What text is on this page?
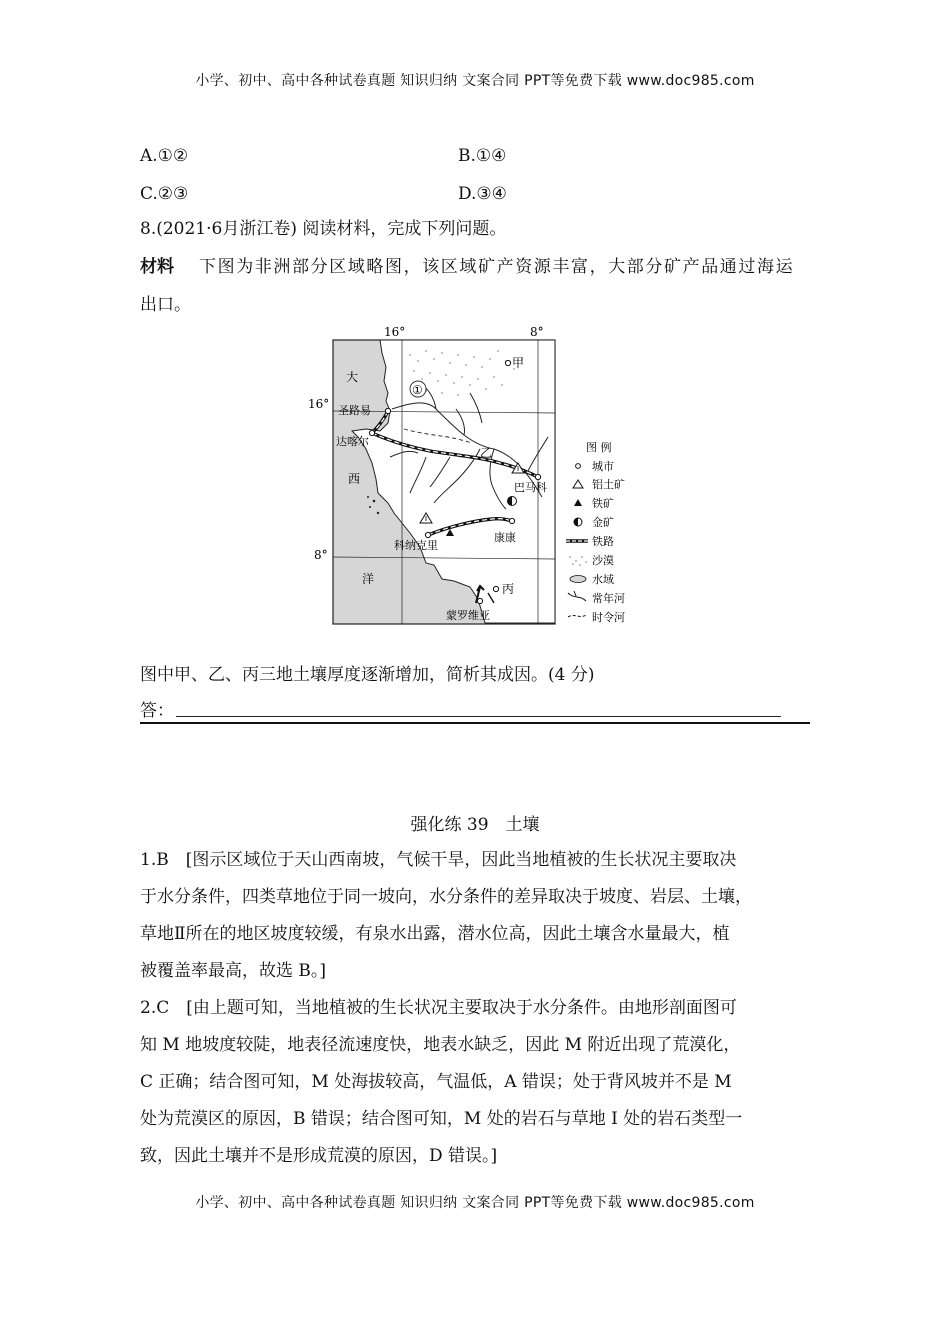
小学、初中、高中各种试卷真题 知识归纳 文案合同 PPT等免费下载 www.doc985.com
A.①②	B.①④
C.②③	D.③④
8.(2021·6月浙江卷) 阅读材料，完成下列问题。
材料 下图为非洲部分区域略图，该区域矿产资源丰富，大部分矿产品通过海运
出口。
16°	8°
16°
8°
大
西
洋
①
甲
乙
丙
圣路易
达喀尔
巴马科
科纳克里
康康
蒙罗维亚
图 例
城市
铝土矿
铁矿
金矿
铁路
沙漠
水域
常年河
时令河
图中甲、乙、丙三地土壤厚度逐渐增加，简析其成因。(4 分)
答：
强化练 39　土壤
1.B　[图示区域位于天山西南坡，气候干旱，因此当地植被的生长状况主要取决
于水分条件，四类草地位于同一坡向，水分条件的差异取决于坡度、岩层、土壤，
草地Ⅱ所在的地区坡度较缓，有泉水出露，潜水位高，因此土壤含水量最大，植
被覆盖率最高，故选 B。]
2.C　[由上题可知，当地植被的生长状况主要取决于水分条件。由地形剖面图可
知 M 地坡度较陡，地表径流速度快，地表水缺乏，因此 M 附近出现了荒漠化，
C 正确；结合图可知，M 处海拔较高，气温低，A 错误；处于背风坡并不是 M
处为荒漠区的原因，B 错误；结合图可知，M 处的岩石与草地 I 处的岩石类型一
致，因此土壤并不是形成荒漠的原因，D 错误。]
小学、初中、高中各种试卷真题 知识归纳 文案合同 PPT等免费下载 www.doc985.com
